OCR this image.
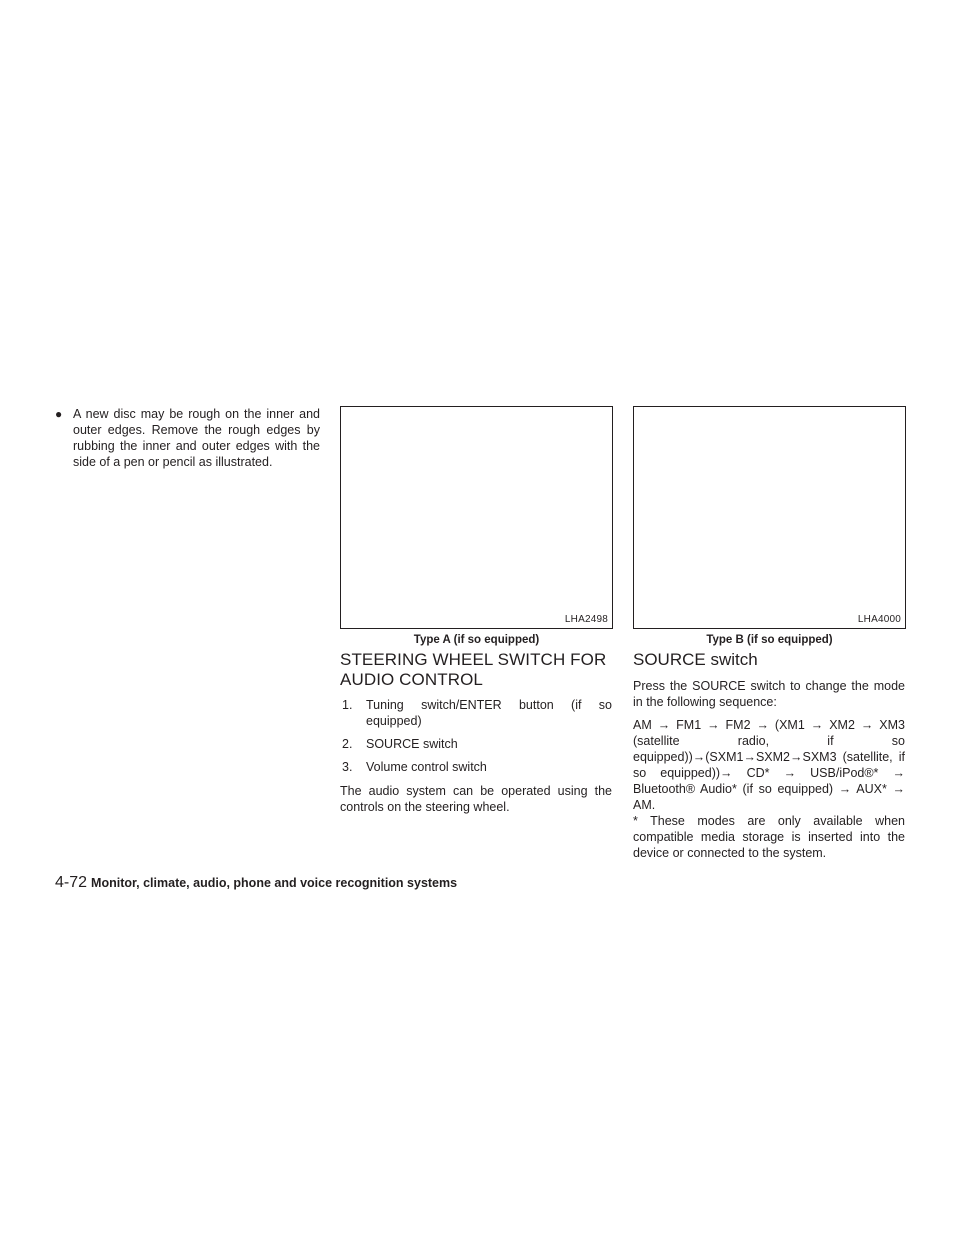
● A new disc may be rough on the inner and outer edges. Remove the rough edges by rubbing the inner and outer edges with the side of a pen or pencil as illustrated.
LHA2498
Type A (if so equipped)
LHA4000
Type B (if so equipped)
STEERING WHEEL SWITCH FOR AUDIO CONTROL
1. Tuning switch/ENTER button (if so equipped)
2. SOURCE switch
3. Volume control switch
The audio system can be operated using the controls on the steering wheel.
SOURCE switch
Press the SOURCE switch to change the mode in the following sequence:
AM → FM1 → FM2 → (XM1 → XM2 → XM3 (satellite radio, if so equipped))→(SXM1→SXM2→SXM3 (satellite, if so equipped))→ CD* → USB/iPod®* → Bluetooth® Audio* (if so equipped) → AUX* → AM.
* These modes are only available when compatible media storage is inserted into the device or connected to the system.
4-72 Monitor, climate, audio, phone and voice recognition systems
